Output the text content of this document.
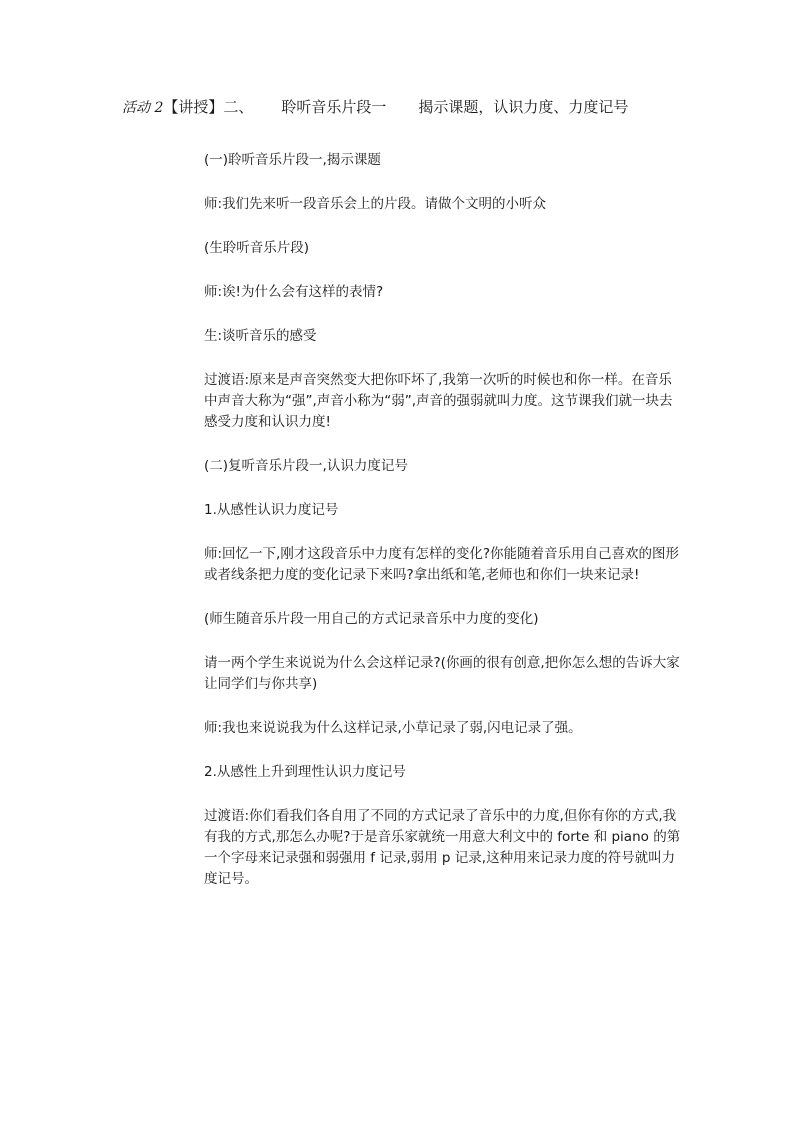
活动 2【讲授】二、 聆听音乐片段一 揭示课题，认识力度、力度记号

(一)聆听音乐片段一,揭示课题

师:我们先来听一段音乐会上的片段。请做个文明的小听众

(生聆听音乐片段)

师:诶!为什么会有这样的表情?

生:谈听音乐的感受

过渡语:原来是声音突然变大把你吓坏了,我第一次听的时候也和你一样。在音乐中声音大称为“强”,声音小称为“弱”,声音的强弱就叫力度。这节课我们就一块去感受力度和认识力度!

(二)复听音乐片段一,认识力度记号

1.从感性认识力度记号

师:回忆一下,刚才这段音乐中力度有怎样的变化?你能随着音乐用自己喜欢的图形或者线条把力度的变化记录下来吗?拿出纸和笔,老师也和你们一块来记录!

(师生随音乐片段一用自己的方式记录音乐中力度的变化)

请一两个学生来说说为什么会这样记录?(你画的很有创意,把你怎么想的告诉大家让同学们与你共享)

师:我也来说说我为什么这样记录,小草记录了弱,闪电记录了强。

2.从感性上升到理性认识力度记号

过渡语:你们看我们各自用了不同的方式记录了音乐中的力度,但你有你的方式,我有我的方式,那怎么办呢?于是音乐家就统一用意大利文中的 forte 和 piano 的第一个字母来记录强和弱强用 f 记录,弱用 p 记录,这种用来记录力度的符号就叫力度记号。
